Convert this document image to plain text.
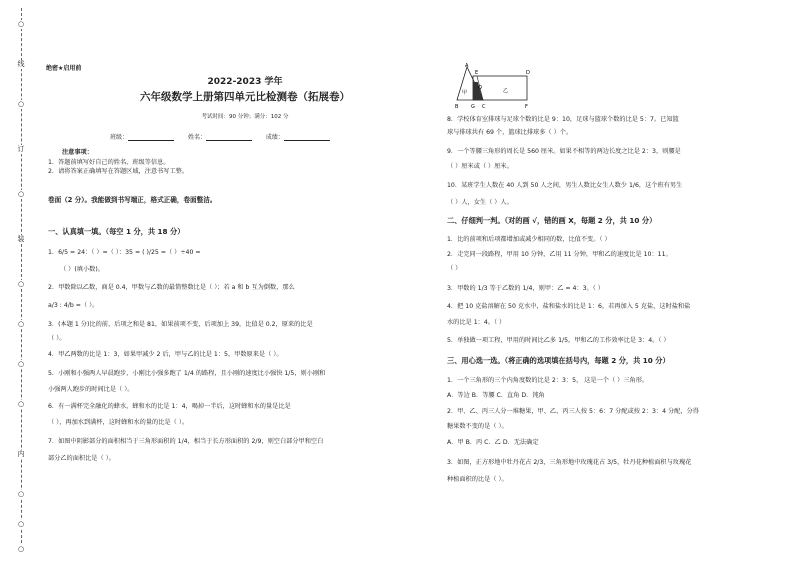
○
线
○
订
○
装
○
○
○
○
内
○
○
○
绝密★启用前
2022-2023 学年
六年级数学上册第四单元比检测卷（拓展卷）
考试时间：90 分钟；满分：102 分
班级：	姓名：	成绩：
注意事项：
1．答题前填写好自己的姓名、班级等信息。
2．请将答案正确填写在答题区域，注意书写工整。
卷面（2 分）。我能做到书写端正，格式正确，卷面整洁。
一、认真填一填。（每空 1 分，共 18 分）
1．6/5 = 24：（ ）=（ ）：35 = ( )/25 =（ ）÷40 =
（ ）(填小数)。
2．甲数除以乙数，商是 0.4，甲数与乙数的最简整数比是（ ）；若 a 和 b 互为倒数，那么
a/3 : 4/b =（ ）。
3．(本题 1 分)比的前、后项之和是 81，如果前项不变，后项加上 39，比值是 0.2，原来的比是
（ ）。
4．甲乙两数的比是 1：3，如果甲减少 2 后，甲与乙的比是 1：5，甲数原来是（ ）。
5．小刚和小强两人早晨跑步，小刚比小强多跑了 1/4 的路程，且小刚的速度比小强快 1/5，则小刚和
小强两人跑步的时间比是（ ）。
6．有一满杯完全融化的蜂水，蜂和水的比是 1：4，喝掉一半后，这时蜂和水的量是比是
（ ），再加水到满杯，这时蜂和水的量的比是（ ）。
7．如图中阴影部分的面积相当于三角形面积的 1/4，相当于长方形面积的 2/9，则空白部分甲和空白
部分乙的面积比是（ ）。
A
E	D
B	G C	F
甲
O	乙
8．学校体育室排球与足球个数的比是 9：10，足球与篮球个数的比是 5：7。已知篮
球与排球共有 69 个，篮球比排球多（ ）个。
9．一个等腰三角形的周长是 560 厘米。如果不相等的两边长度之比是 2：3，则腰是
（ ）厘米或（ ）厘米。
10．某班学生人数在 40 人到 50 人之间，男生人数比女生人数少 1/6，这个班有男生
（ ）人，女生（ ）人。
二、仔细判一判。（对的画 √，错的画 X，每题 2 分，共 10 分）
1．比的前项和后项都增加或减少相同的数，比值不变。（ ）
2．走完同一段路程，甲用 10 分钟，乙用 11 分钟，甲和乙的速度比是 10：11。
（ ）
3．甲数的 1/3 等于乙数的 1/4，则甲：乙 = 4：3。（ ）
4．把 10 克盐溶解在 50 克水中，盐和盐水的比是 1：6，若再加入 5 克盐，这时盐和盐
水的比是 1：4。（ ）
5．单独做一项工程，甲用的时间比乙多 1/5，甲和乙的工作效率比是 3：4。（ ）
三、用心选一选。（将正确的选项填在括号内，每题 2 分，共 10 分）
1．一个三角形的三个内角度数的比是 2：3：5， 这是一个（ ）三角形。
A．等边 B．等腰 C．直角 D．钝角
2．甲、乙、丙三人分一堆糖果，甲、乙、丙三人按 5：6：7 分配或按 2：3：4 分配，分得
糖果数不变的是（ ）。
A．甲 B．丙 C．乙 D．无法确定
3．如图，正方形地中牡丹花占 2/3，三角形地中玫瑰花占 3/5，牡丹花种植面积与玫瑰花
种植面积的比是（ ）。
